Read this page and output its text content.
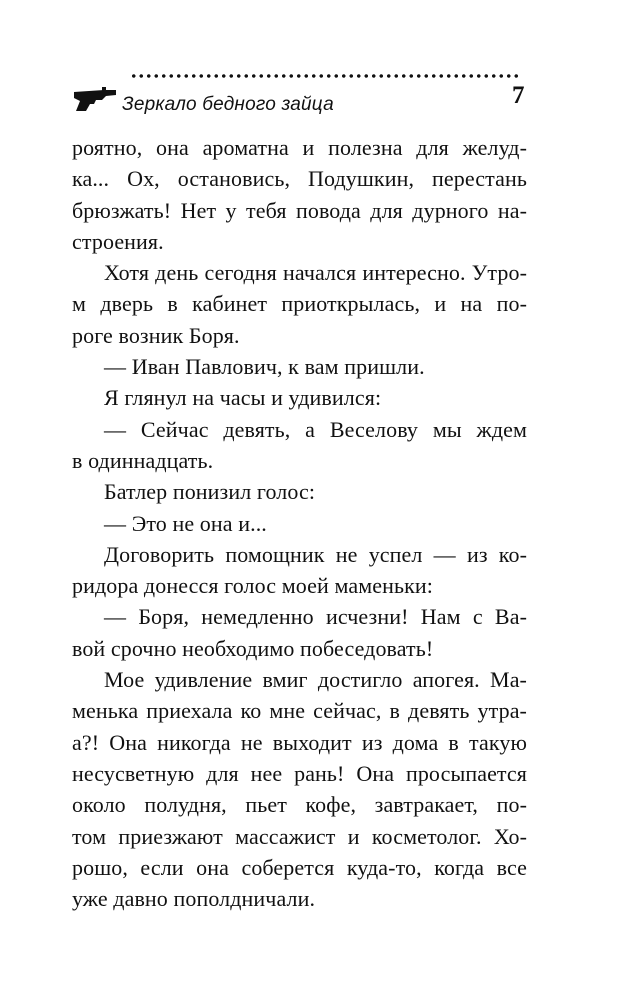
Зеркало бедного зайца	7
роятно, она ароматна и полезна для желуд-
ка... Ох, остановись, Подушкин, перестань
брюзжать! Нет у тебя повода для дурного на-
строения.
Хотя день сегодня начался интересно. Утро-
м дверь в кабинет приоткрылась, и на по-
роге возник Боря.
— Иван Павлович, к вам пришли.
Я глянул на часы и удивился:
— Сейчас девять, а Веселову мы ждем
в одиннадцать.
Батлер понизил голос:
— Это не она и...
Договорить помощник не успел — из ко-
ридора донесся голос моей маменьки:
— Боря, немедленно исчезни! Нам с Ва-
вой срочно необходимо побеседовать!
Мое удивление вмиг достигло апогея. Ма-
менька приехала ко мне сейчас, в девять утра-
а?! Она никогда не выходит из дома в такую
несусветную для нее рань! Она просыпается
около полудня, пьет кофе, завтракает, по-
том приезжают массажист и косметолог. Хо-
рошо, если она соберется куда-то, когда все
уже давно пополдничали.
